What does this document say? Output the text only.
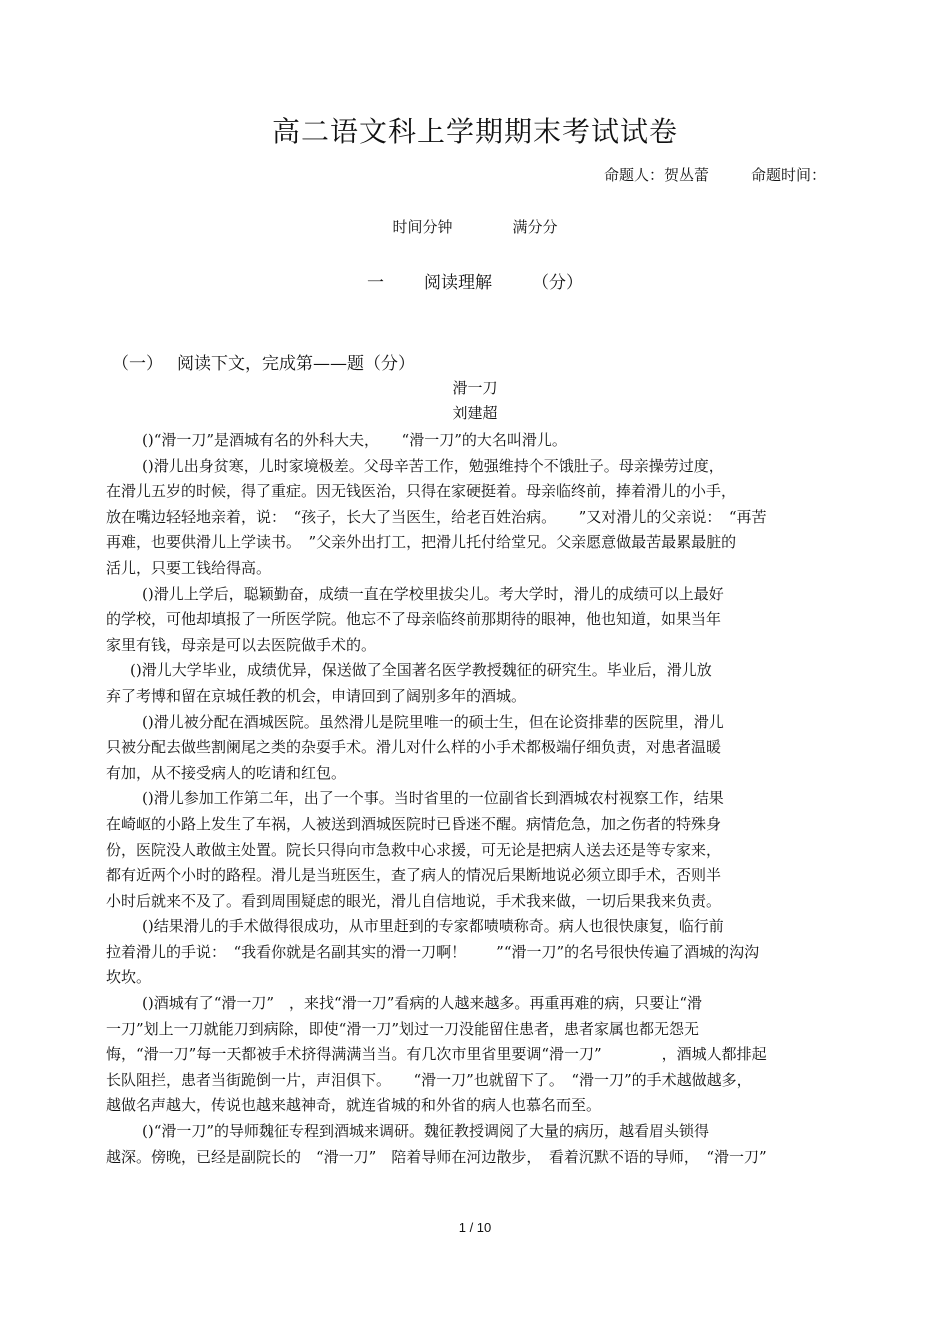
高二语文科上学期期末考试试卷
命题人：贺丛蕾	命题时间：
时间分钟	满分分
一 阅读理解 （分）
（一） 阅读下文，完成第——题（分）
滑一刀
刘建超
()“滑一刀”是酒城有名的外科大夫，　　“滑一刀”的大名叫滑儿。
()滑儿出身贫寒，儿时家境极差。父母辛苦工作，勉强维持个不饿肚子。母亲操劳过度，
在滑儿五岁的时候，得了重症。因无钱医治，只得在家硬挺着。母亲临终前，捧着滑儿的小手，
放在嘴边轻轻地亲着，说：　“孩子，长大了当医生，给老百姓治病。　　”又对滑儿的父亲说：　“再苦
再难，也要供滑儿上学读书。　”父亲外出打工，把滑儿托付给堂兄。父亲愿意做最苦最累最脏的
活儿，只要工钱给得高。
()滑儿上学后，聪颖勤奋，成绩一直在学校里拔尖儿。考大学时，滑儿的成绩可以上最好
的学校，可他却填报了一所医学院。他忘不了母亲临终前那期待的眼神，他也知道，如果当年
家里有钱，母亲是可以去医院做手术的。
()滑儿大学毕业，成绩优异，保送做了全国著名医学教授魏征的研究生。毕业后，滑儿放
弃了考博和留在京城任教的机会，申请回到了阔别多年的酒城。
()滑儿被分配在酒城医院。虽然滑儿是院里唯一的硕士生，但在论资排辈的医院里，滑儿
只被分配去做些割阑尾之类的杂耍手术。滑儿对什么样的小手术都极端仔细负责，对患者温暖
有加，从不接受病人的吃请和红包。
()滑儿参加工作第二年，出了一个事。当时省里的一位副省长到酒城农村视察工作，结果
在崎岖的小路上发生了车祸，人被送到酒城医院时已昏迷不醒。病情危急，加之伤者的特殊身
份，医院没人敢做主处置。院长只得向市急救中心求援，可无论是把病人送去还是等专家来，
都有近两个小时的路程。滑儿是当班医生，查了病人的情况后果断地说必须立即手术，否则半
小时后就来不及了。看到周围疑虑的眼光，滑儿自信地说，手术我来做，一切后果我来负责。
()结果滑儿的手术做得很成功，从市里赶到的专家都啧啧称奇。病人也很快康复，临行前
拉着滑儿的手说：　“我看你就是名副其实的滑一刀啊！　　”“滑一刀”的名号很快传遍了酒城的沟沟
坎坎。
()酒城有了“滑一刀”　，来找“滑一刀”看病的人越来越多。再重再难的病，只要让“滑
一刀”划上一刀就能刀到病除，即使“滑一刀”划过一刀没能留住患者，患者家属也都无怨无
悔，“滑一刀”每一天都被手术挤得满满当当。有几次市里省里要调“滑一刀”　　　　，酒城人都排起
长队阻拦，患者当街跪倒一片，声泪俱下。　　“滑一刀”也就留下了。　“滑一刀”的手术越做越多，
越做名声越大，传说也越来越神奇，就连省城的和外省的病人也慕名而至。
()“滑一刀”的导师魏征专程到酒城来调研。魏征教授调阅了大量的病历，越看眉头锁得
越深。傍晚，已经是副院长的　“滑一刀”　陪着导师在河边散步，　看着沉默不语的导师，　“滑一刀”
1 / 10
